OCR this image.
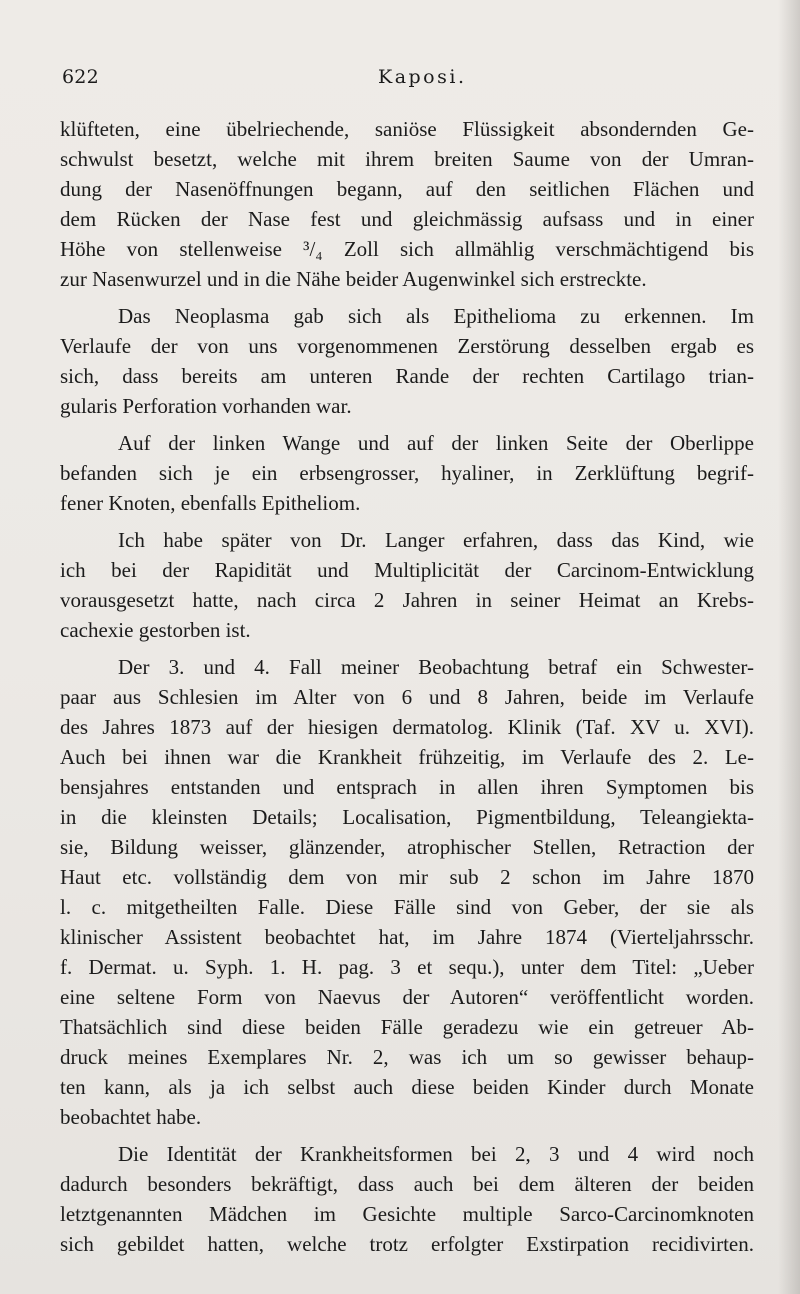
622	Kaposi.
klüfteten, eine übelriechende, saniöse Flüssigkeit absondernden Ge-
schwulst besetzt, welche mit ihrem breiten Saume von der Umran-
dung der Nasenöffnungen begann, auf den seitlichen Flächen und
dem Rücken der Nase fest und gleichmässig aufsass und in einer
Höhe von stellenweise ³/₄ Zoll sich allmählig verschmächtigend bis
zur Nasenwurzel und in die Nähe beider Augenwinkel sich erstreckte.
Das Neoplasma gab sich als Epithelioma zu erkennen. Im
Verlaufe der von uns vorgenommenen Zerstörung desselben ergab es
sich, dass bereits am unteren Rande der rechten Cartilago trian-
gularis Perforation vorhanden war.
Auf der linken Wange und auf der linken Seite der Oberlippe
befanden sich je ein erbsengrosser, hyaliner, in Zerklüftung begrif-
fener Knoten, ebenfalls Epitheliom.
Ich habe später von Dr. Langer erfahren, dass das Kind, wie
ich bei der Rapidität und Multiplicität der Carcinom-Entwicklung
vorausgesetzt hatte, nach circa 2 Jahren in seiner Heimat an Krebs-
cachexie gestorben ist.
Der 3. und 4. Fall meiner Beobachtung betraf ein Schwester-
paar aus Schlesien im Alter von 6 und 8 Jahren, beide im Verlaufe
des Jahres 1873 auf der hiesigen dermatolog. Klinik (Taf. XV u. XVI).
Auch bei ihnen war die Krankheit frühzeitig, im Verlaufe des 2. Le-
bensjahres entstanden und entsprach in allen ihren Symptomen bis
in die kleinsten Details; Localisation, Pigmentbildung, Teleangiekta-
sie, Bildung weisser, glänzender, atrophischer Stellen, Retraction der
Haut etc. vollständig dem von mir sub 2 schon im Jahre 1870
l. c. mitgetheilten Falle. Diese Fälle sind von Geber, der sie als
klinischer Assistent beobachtet hat, im Jahre 1874 (Vierteljahrsschr.
f. Dermat. u. Syph. 1. H. pag. 3 et sequ.), unter dem Titel: „Ueber
eine seltene Form von Naevus der Autoren“ veröffentlicht worden.
Thatsächlich sind diese beiden Fälle geradezu wie ein getreuer Ab-
druck meines Exemplares Nr. 2, was ich um so gewisser behaup-
ten kann, als ja ich selbst auch diese beiden Kinder durch Monate
beobachtet habe.
Die Identität der Krankheitsformen bei 2, 3 und 4 wird noch
dadurch besonders bekräftigt, dass auch bei dem älteren der beiden
letztgenannten Mädchen im Gesichte multiple Sarco-Carcinomknoten
sich gebildet hatten, welche trotz erfolgter Exstirpation recidivirten.
